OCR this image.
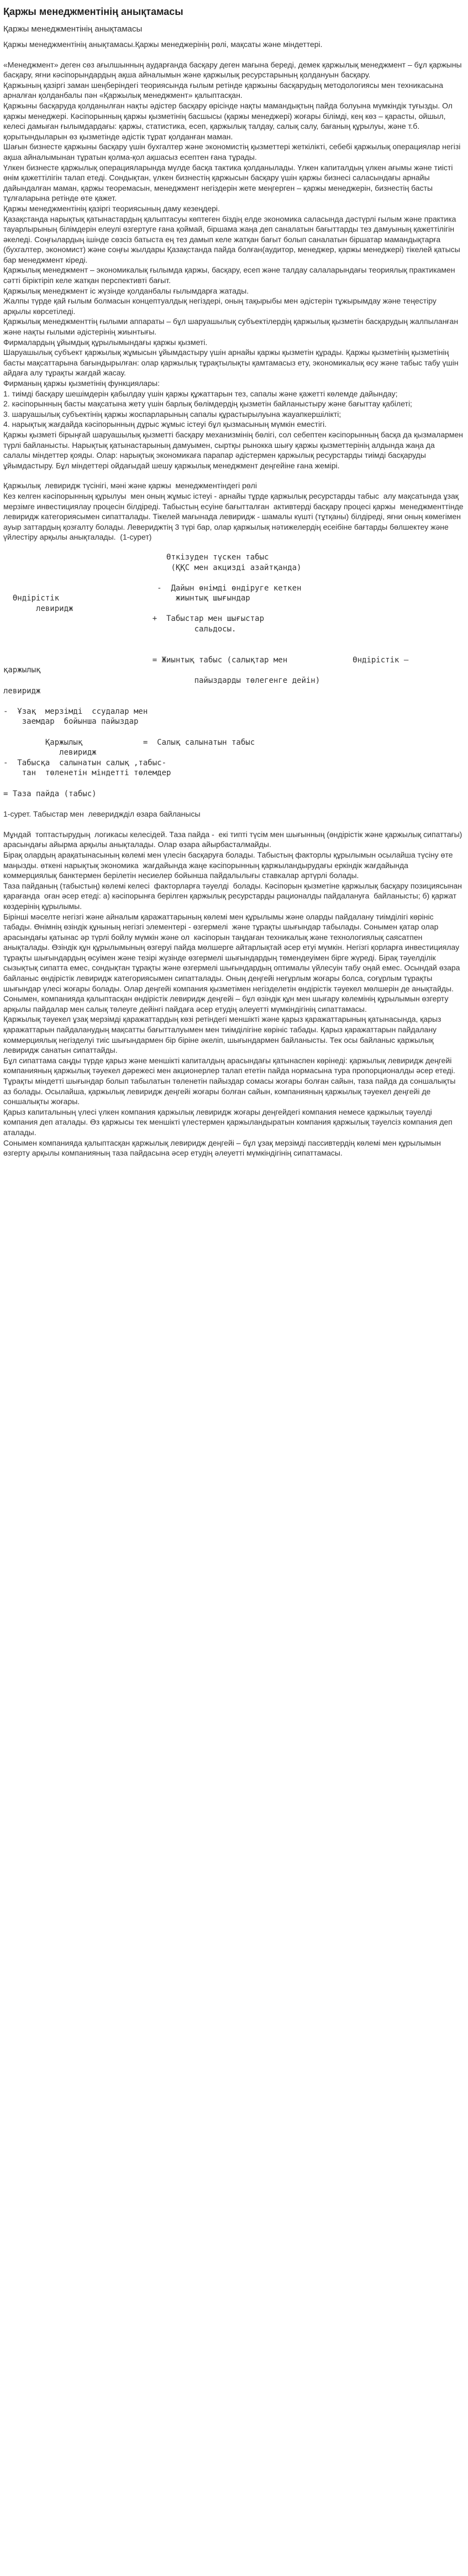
Қаржы менеджментінің анықтамасы
Қаржы менеджментінің анықтамасы

Қаржы менеджментінің анықтамасы.Қаржы менеджерінің рөлі, мақсаты және міндеттері.

«Менеджмент» деген сөз ағылшынның аударғанда басқару деген мағына береді, демек қаржылық менеджмент – бұл қаржыны басқару, яғни кәсіпорындардың ақша айналымын және қаржылық ресурстарының қолдануын басқару.
Қаржының қазіргі заман шеңберіндегі теориясында ғылым ретінде қаржыны басқарудың методологиясы мен техникасына арналған қолданбалы пән «Қаржылық менеджмент» қалыптасқан.
Қаржыны басқаруда қолданылған нақты әдістер басқару өрісінде нақты мамандықтың пайда болуына мүмкіндік туғызды. Ол қаржы менеджері. Кәсіпорынның қаржы қызметінің басшысы (қаржы менеджері) жоғары білімді, кең көз – қарасты, ойшыл, келесі дамыған ғылымдардағы: қаржы, статистика, есеп, қаржылық талдау, салық салу, бағаның құрылуы, және т.б. қорытындыларын өз қызметінде әдістік тұрат қолданған маман.
Шағын бизнесте қаржыны басқару үшін бухгалтер және экономистің қызметтері жеткілікті, себебі қаржылық операциялар негізі ақша айналымынан тұратын қолма-қол ақшасыз есептен ғана тұрады.
Үлкен бизнесте қаржылық операцияларында мүлде басқа тактика қолданылады. Үлкен капиталдың үлкен ағымы және тиісті өнім қажеттілігін талап етеді. Сондықтан, үлкен бизнестің қаржысын басқару үшін қаржы бизнесі саласындағы арнайы дайындалған маман, қаржы теоремасын, менеджмент негіздерін жете меңгерген – қаржы менеджерін, бизнестің басты тұлғаларына ретінде өте қажет.
Қаржы менеджментінің қазіргі теориясының даму кезеңдері.
Қазақстанда нарықтық қатынастардың қалыптасуы көптеген біздің елде экономика саласында дәстүрлі ғылым және практика тауарлырының білімдерін елеулі өзгертуге ғана қоймай, біршама жаңа деп саналатын бағыттарды тез дамуының қажеттілігін әкеледі. Соңғылардың ішінде сөзсіз батыста ең тез дамып келе жатқан бағыт болып саналатын біршатар мамандықтарға (бухгалтер, экономист) және соңғы жылдары Қазақстанда пайда болған(аудитор, менеджер, қаржы менеджері) тікелей қатысы бар менеджмент кіреді.
Қаржылық менеджмент – экономикалық ғылымда қаржы, басқару, есеп және талдау салаларындағы теориялық практикамен сәтті біріктіріп келе жатқан перспективті бағыт.
Қаржылық менеджмент іс жүзінде қолданбалы ғылымдарға жатады.
Жалпы түрде қай ғылым болмасын концептуалдық негіздері, оның тақырыбы мен әдістерін тұжырымдау және теңестіру арқылы көрсетіледі.
Қаржылық менеджменттің ғылыми аппараты – бұл шаруашылық субъектілердің қаржылық қызметін басқарудың жалпыланған және нақты ғылыми әдістерінің жиынтығы.
Фирмалардың ұйымдық құрылымындағы қаржы қызметі.
Шаруашылық субъект қаржылық жұмысын ұйымдастыру үшін арнайы қаржы қызметін құрады. Қаржы қызметінің қызметінің басты мақсаттарына бағындырылған: олар қаржылық тұрақтылықты қамтамасыз ету, экономикалық өсу және табыс табу үшін айдаға алу тұрақты жағдай жасау.
Фирманың қаржы қызметінің функциялары:
1. тиімді басқару шешімдерін қабылдау үшін қаржы құжаттарын тез, сапалы және қажетті көлемде дайындау;
2. кәсіпорынның басты мақсатына жету үшін барлық бөлімдердің қызметін байланыстыру және бағыттау қабілеті;
3. шаруашылық субъектінің қаржы жоспарларының сапалы құрастырылуына жауапкершілікті;
4. нарықтық жағдайда кәсіпорынның дұрыс жұмыс істеуі бұл қызмасының мүмкін еместігі.
Қаржы қызметі бірыңғай шаруашылық қызметті басқару механизмінің бөлігі, сол себептен кәсіпорынның басқа да қызмалармен түрлі байланысты. Нарықтық қатынастарының дамуымен, сыртқы рынокка шығу қаржы қызметтерінің алдында жаңа да салалы міндеттер қояды. Олар: нарықтық экономикаға парапар әдістермен қаржылық ресурстарды тиімді басқаруды ұйымдастыру. Бұл міндеттері ойдағыдай шешу қаржылық менеджмент деңгейіне ғана жемірі.

Қаржылық  левиридж түсінігі, мәні және қаржы  менеджментіндегі рөлі
Кез келген кәсіпорынның құрылуы  мен оның жұмыс істеуі - арнайы тұрде қаржылық ресурстарды табыс  алу мақсатында ұзақ мерзімге инвестициялау процесін білдіреді. Табыстың есуіне бағытталған  активтерді басқару процесі қаржы  менеджменттінде левиридж категориясымен сипатталады. Тікелей мағынада левиридж - шамалы күшті (тұтқаны) білдіреді, яғни оның көмегімен ауыр заттардың қозғалту болады. Левериджтің 3 түрі бар, олар қаржылық нәтижелердің есеібіне бағтарды бөлшектеу және үйлестіру арқылы анықталады.  (1-сурет)

Өткізуден түскен табыс
(ҚҚС мен акциздi азайтқанда)

-  Дайын өнімді өндіруге кеткен
Өндірістік                         жиынтық шығындар
левиридж
+  Табыстар мен шығыстар
сальдосы.

= Жиынтық табыс (салықтар мен              Өндірістік –
қаржылық
пайыздарды төлегенге дейін)
левиридж

-  Ұзақ  мерзімді  ссудалар мен
заемдар  бойынша пайыздар

Қаржылық             =  Салық салынатын табыс
левиридж
-  Табысқа  салынатын салық ,табыс-
тан  төленетін міндетті төлемдер

= Таза пайда (табыс)

1-сурет. Табыстар мен  левериджділ өзара байланысы

Мұндай  топтастырудың  логикасы келесідей. Таза пайда -  екі типті түсім мен шығынның (өндірістік және қаржылық сипаттағы) арасындағы айырма арқылы анықталады. Олар өзара айырбасталмайды.
Бірақ олардың арақатынасының көлемі мен үлесін басқаруға болады. Табыстың факторлы құрылымын осылайша түсіну өте маңызды. өткені нарықтық экономика  жағдайында жаңе кәсіпорынның қаржыландырудағы еркіндік жағдайында коммерциялық банктермен берілетін несиелер бойынша пайдалылығы ставкалар артүрлі болады.
Таза пайданың (табыстың) көлемі келесі  факторларға тәуелді  болады. Кәсіпорын қызметіне қаржылық басқару позициясынан қарағанда  оған әсер етеді: а) кәсіпорынға берілген қаржылық ресурстарды рационалды пайдалануға  байланысты; б) қаржат көздерінің құрылымы.
Бірінші мәселте негізгі және айналым қаражаттарының көлемі мен құрылымы және оларды пайдалану тиімділігі көрініс табады. Өнімнің өзіндік құнының негізгі элементері - өзгермелі  және тұрақты шығындар табылады. Сонымен қатар олар арасындағы қатынас әр түрлі бойлу мүмкін және ол  кәсіпорын таңдаған техникалық және технологиялық саясатпен анықталады. Өзіндік құн құрылымының өзгеруі пайда мөлшерге айтарлықтай әсер етуі мүмкін. Негізгі қорларға инвестициялау тұрақты шығындардың өсуімен және тезірі жүзінде өзгермелі шығындардың төмендеуімен бірге жүреді. Бірақ тәуелділік сызықтық сипатта емес, сондықтан тұрақты және өзгермелі шығындардың оптималы үйлесуін табу оңай емес. Осындай өзара байланыс өндірістік левиридж категориясымен сипатталады. Оның деңгейі неғұрлым жоғары болса, соғұрлым тұрақты шығындар үлесі жоғары болады. Олар деңгейі компания қызметімен негізделетін өндірістік тәуекел мөлшерін де анықтайды.
Сонымен, компанияда қалыптасқан өндірістік левиридж деңгейі – бұл өзіндік құн мен шығару көлемінің құрылымын өзгерту арқылы пайдалар мен салық төлеуге дейінгі пайдаға әсер етудің әлеуетті мүмкіндігінің сипаттамасы.
Қаржылық тәуекел ұзақ мерзімді қаражаттардың көзі ретіндегі меншікті және қарыз қаражаттарының қатынасында, қарыз қаражаттарын пайдаланудың мақсатты бағытталуымен мен тиімділігіне көрініс табады. Қарыз қаражаттарын пайдалану коммерциялық негізделуі тиіс шығындармен бір біріне әкеліп, шығындармен байланысты. Тек осы байланыс қаржылық левиридж санатын сипаттайды.
Бұл сипаттама саңды түрде қарыз және меншікті капиталдың арасындағы қатынаспен көрінеді: қаржылық левиридж деңгейі компанияның қаржылық тәуекел дәрежесі мен акционерлер талап ететін пайда нормасына тура пропорционалды әсер етеді. Тұрақты міндетті шығындар болып табылатын төленетін пайыздар сомасы жоғары болған сайын, таза пайда да соншалықты аз болады. Осылайша, қаржылық левиридж деңгейі жоғары болған сайын, компанияның қаржылық тәуекел деңгейі де соншалықты жоғары.
Қарыз капиталының үлесі үлкен компания қаржылық левиридж жоғары деңгейдегі компания немесе қаржылық тәуелді компания деп аталады. Өз қаржысы тек меншікті үлестермен қаржыландыратын компания қаржылық тәуелсіз компания деп аталады.
Сонымен компанияда қалыптасқан қаржылық левиридж деңгейі – бұл ұзақ мерзімді пассивтердің көлемі мен құрылымын өзгерту арқылы компанияның таза пайдасына әсер етудің әлеуетті мүмкіндігінің сипаттамасы.
